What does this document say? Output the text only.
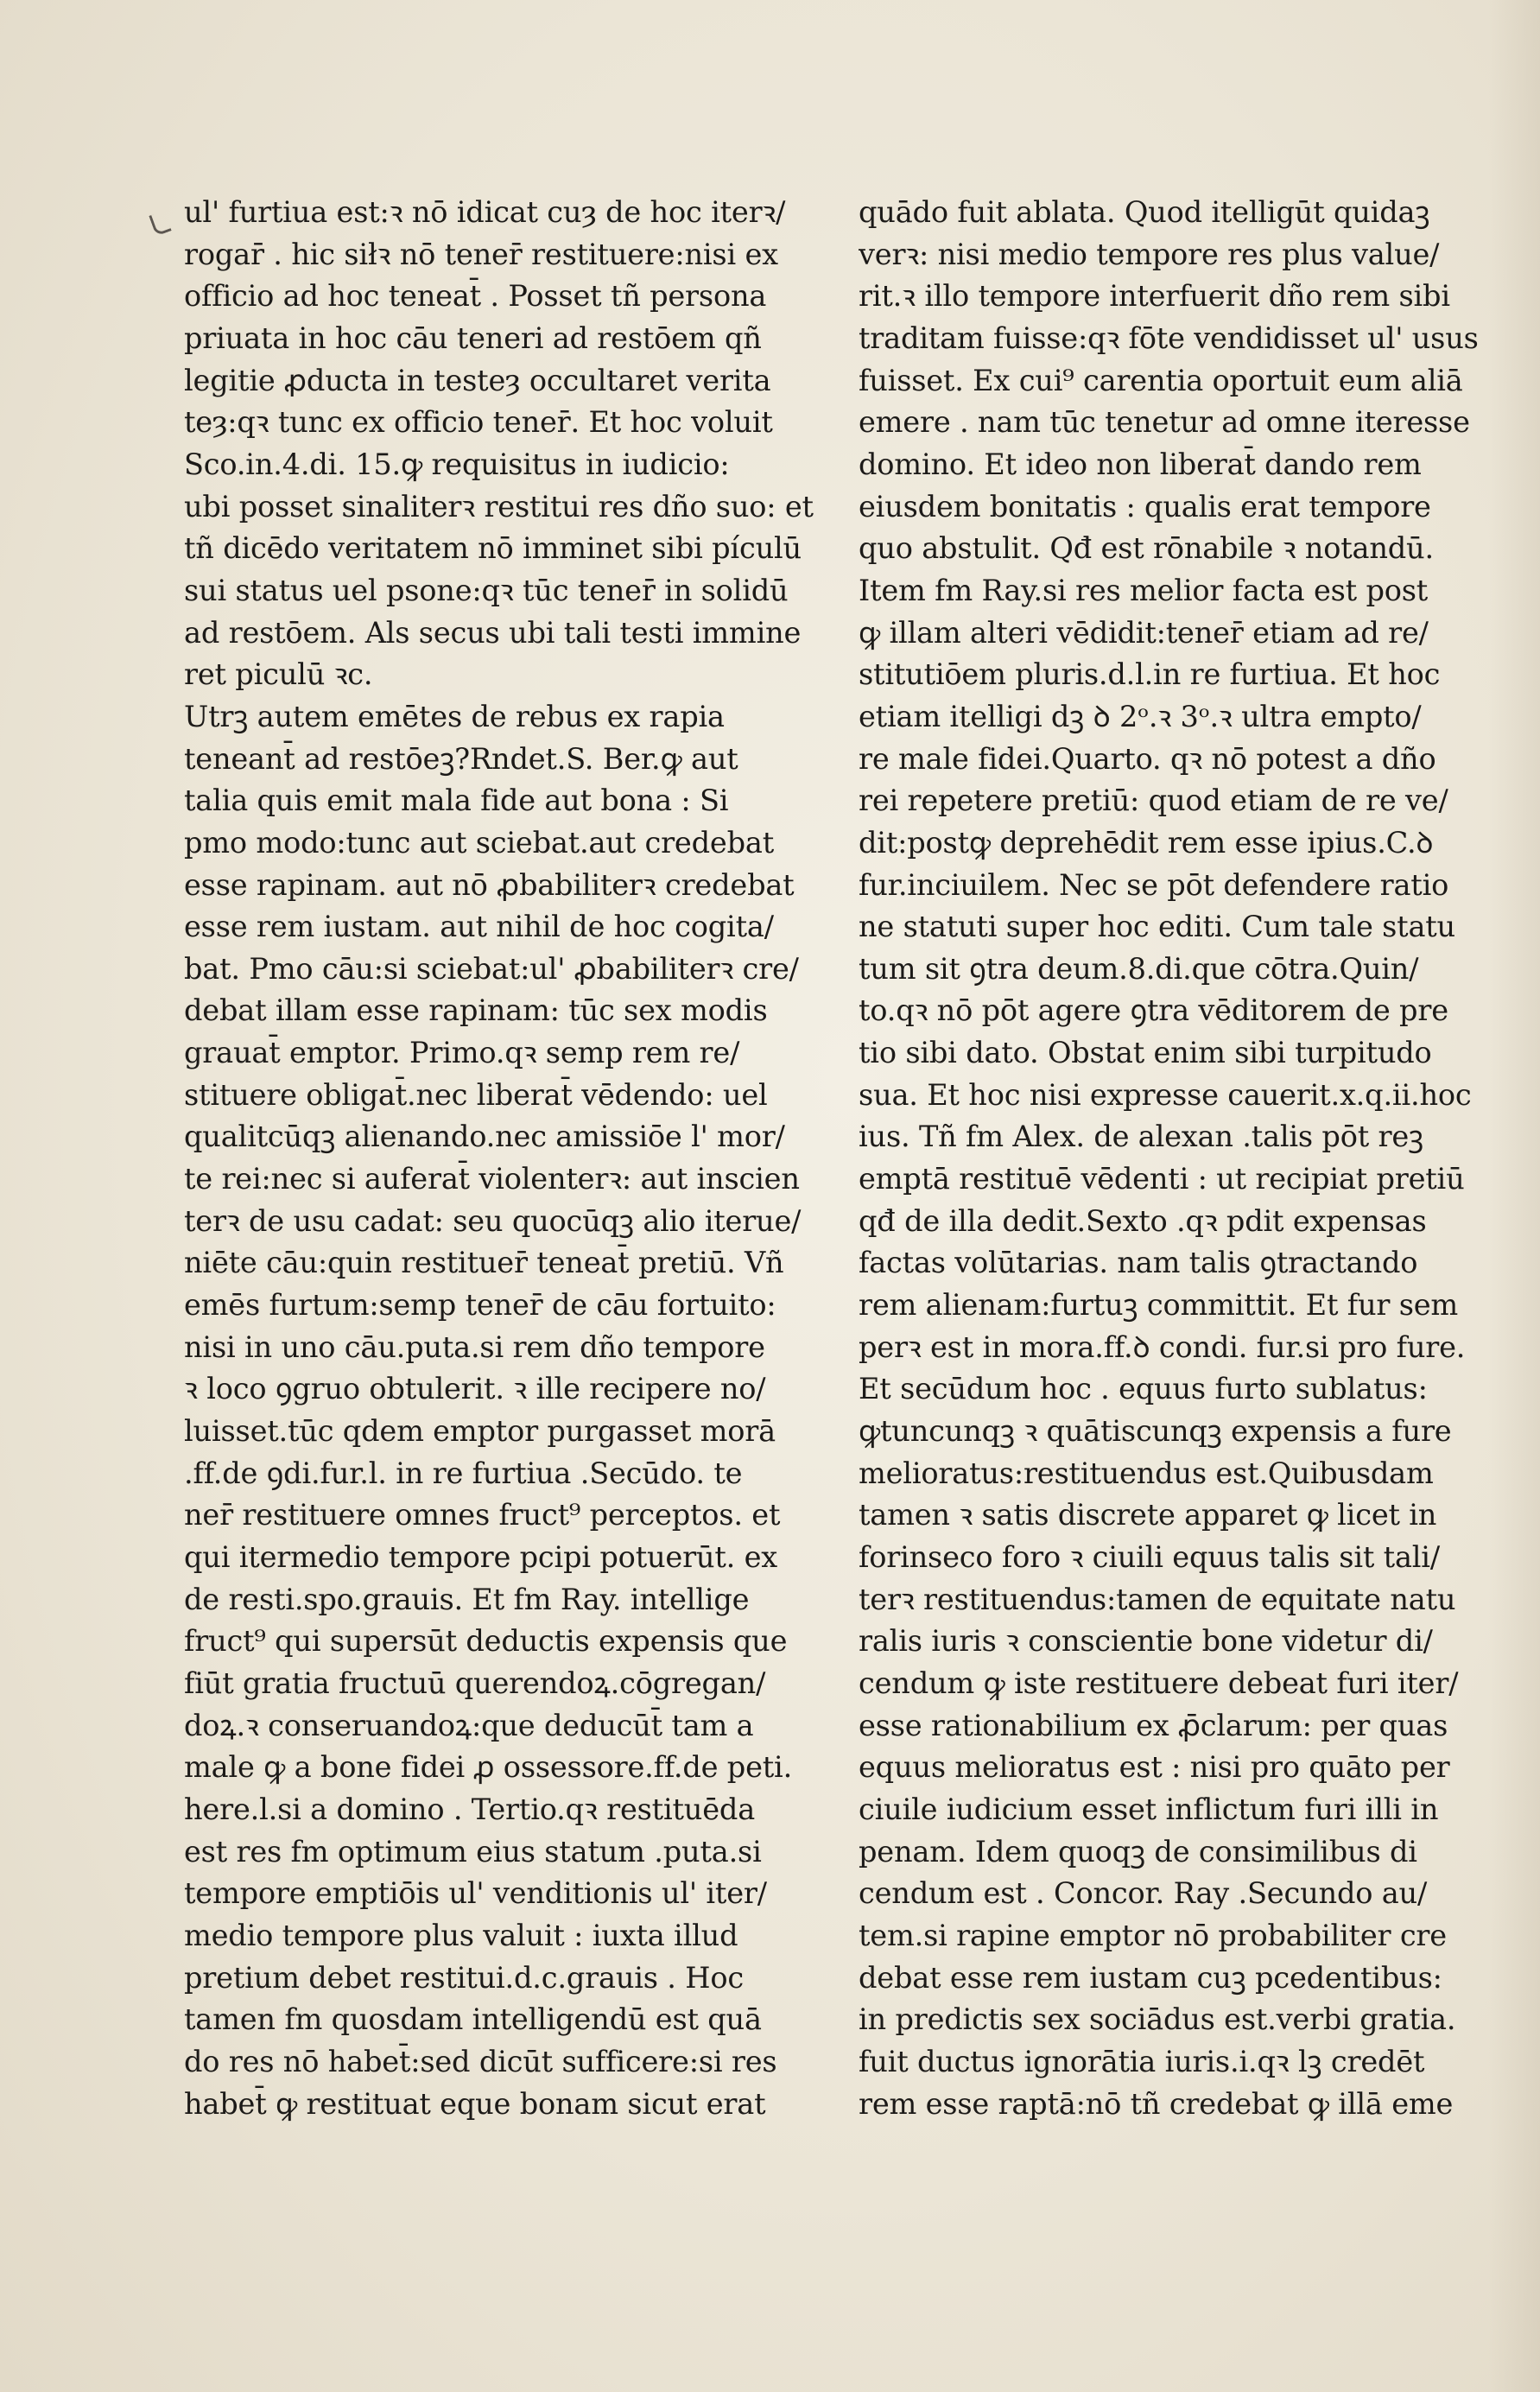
ul' furtiua est:ꝛ nō idicat cuȝ de hoc iterꝛ/
rogar̄ . hic siłꝛ nō tener̄ restituere:nisi ex
officio ad hoc teneat̄ . Posset tñ persona
priuata in hoc cāu teneri ad restōem qñ
legitie ꝓducta in testeȝ occultaret verita
teȝ:qꝛ tunc ex officio tener̄. Et hoc voluit
Sco.in.4.di. 15.ꝙ requisitus in iudicio:
ubi posset sinaliterꝛ restitui res dño suo: et
tñ dicēdo veritatem nō imminet sibi pículū
sui status uel psone:qꝛ tūc tener̄ in solidū
ad restōem. Als secus ubi tali testi immine
ret piculū ꝛc.
Utrꝫ autem emētes de rebus ex rapia
teneant̄ ad restōeꝫ?Rndet.S. Ber.ꝙ aut
talia quis emit mala fide aut bona : Si
pmo modo:tunc aut sciebat.aut credebat
esse rapinam. aut nō ꝓbabiliterꝛ credebat
esse rem iustam. aut nihil de hoc cogita/
bat. Pmo cāu:si sciebat:ul' ꝓbabiliterꝛ cre/
debat illam esse rapinam: tūc sex modis
grauat̄ emptor. Primo.qꝛ semp rem re/
stituere obligat̄.nec liberat̄ vēdendo: uel
qualitcūqꝫ alienando.nec amissiōe l' mor/
te rei:nec si auferat̄ violenterꝛ: aut inscien
terꝛ de usu cadat: seu quocūqꝫ alio iterue/
niēte cāu:quin restituer̄ teneat̄ pretiū. Vñ
emēs furtum:semp tener̄ de cāu fortuito:
nisi in uno cāu.puta.si rem dño tempore
ꝛ loco ꝯgruo obtulerit. ꝛ ille recipere no/
luisset.tūc qdem emptor purgasset morā
.ff.de ꝯdi.fur.l. in re furtiua .Secūdo. te
ner̄ restituere omnes fruct⁹ perceptos. et
qui itermedio tempore pcipi potuerūt. ex
de resti.spo.grauis. Et fm Ray. intellige
fruct⁹ qui supersūt deductis expensis que
fiūt gratia fructuū querendoꝝ.cōgregan/
doꝝ.ꝛ conseruandoꝝ:que deducūt̄ tam a
male ꝙ a bone fidei ꝓ ossessore.ff.de peti.
here.l.si a domino . Tertio.qꝛ restituēda
est res fm optimum eius statum .puta.si
tempore emptiōis ul' venditionis ul' iter/
medio tempore plus valuit : iuxta illud
pretium debet restitui.d.c.grauis . Hoc
tamen fm quosdam intelligendū est quā
do res nō habet̄:sed dicūt sufficere:si res
habet̄ ꝙ restituat eque bonam sicut erat
quādo fuit ablata. Quod itelligūt quidaꝫ
verꝛ: nisi medio tempore res plus value/
rit.ꝛ illo tempore interfuerit dño rem sibi
traditam fuisse:qꝛ fōte vendidisset ul' usus
fuisset. Ex cui⁹ carentia oportuit eum aliā
emere . nam tūc tenetur ad omne iteresse
domino. Et ideo non liberat̄ dando rem
eiusdem bonitatis : qualis erat tempore
quo abstulit. Qđ est rōnabile ꝛ notandū.
Item fm Ray.si res melior facta est post
ꝙ illam alteri vēdidit:tener̄ etiam ad re/
stitutiōem pluris.d.l.in re furtiua. Et hoc
etiam itelligi dꝫ ꝺ 2ᵒ.ꝛ 3ᵒ.ꝛ ultra empto/
re male fidei.Quarto. qꝛ nō potest a dño
rei repetere pretiū: quod etiam de re ve/
dit:postꝙ deprehēdit rem esse ipius.C.ꝺ
fur.inciuilem. Nec se pōt defendere ratio
ne statuti super hoc editi. Cum tale statu
tum sit ꝯtra deum.8.di.que cōtra.Quin/
to.qꝛ nō pōt agere ꝯtra vēditorem de pre
tio sibi dato. Obstat enim sibi turpitudo
sua. Et hoc nisi expresse cauerit.x.q.ii.hoc
ius. Tñ fm Alex. de alexan .talis pōt reꝫ
emptā restituē vēdenti : ut recipiat pretiū
qđ de illa dedit.Sexto .qꝛ pdit expensas
factas volūtarias. nam talis ꝯtractando
rem alienam:furtuꝫ committit. Et fur sem
perꝛ est in mora.ff.ꝺ condi. fur.si pro fure.
Et secūdum hoc . equus furto sublatus:
ꝙtuncunqꝫ ꝛ quātiscunqꝫ expensis a fure
melioratus:restituendus est.Quibusdam
tamen ꝛ satis discrete apparet ꝙ licet in
forinseco foro ꝛ ciuili equus talis sit tali/
terꝛ restituendus:tamen de equitate natu
ralis iuris ꝛ conscientie bone videtur di/
cendum ꝙ iste restituere debeat furi iter/
esse rationabilium ex ꝓ̄clarum: per quas
equus melioratus est : nisi pro quāto per
ciuile iudicium esset inflictum furi illi in
penam. Idem quoqꝫ de consimilibus di
cendum est . Concor. Ray .Secundo au/
tem.si rapine emptor nō probabiliter cre
debat esse rem iustam cuꝫ pcedentibus:
in predictis sex sociādus est.verbi gratia.
fuit ductus ignorātia iuris.i.qꝛ lꝫ credēt
rem esse raptā:nō tñ credebat ꝙ illā eme
